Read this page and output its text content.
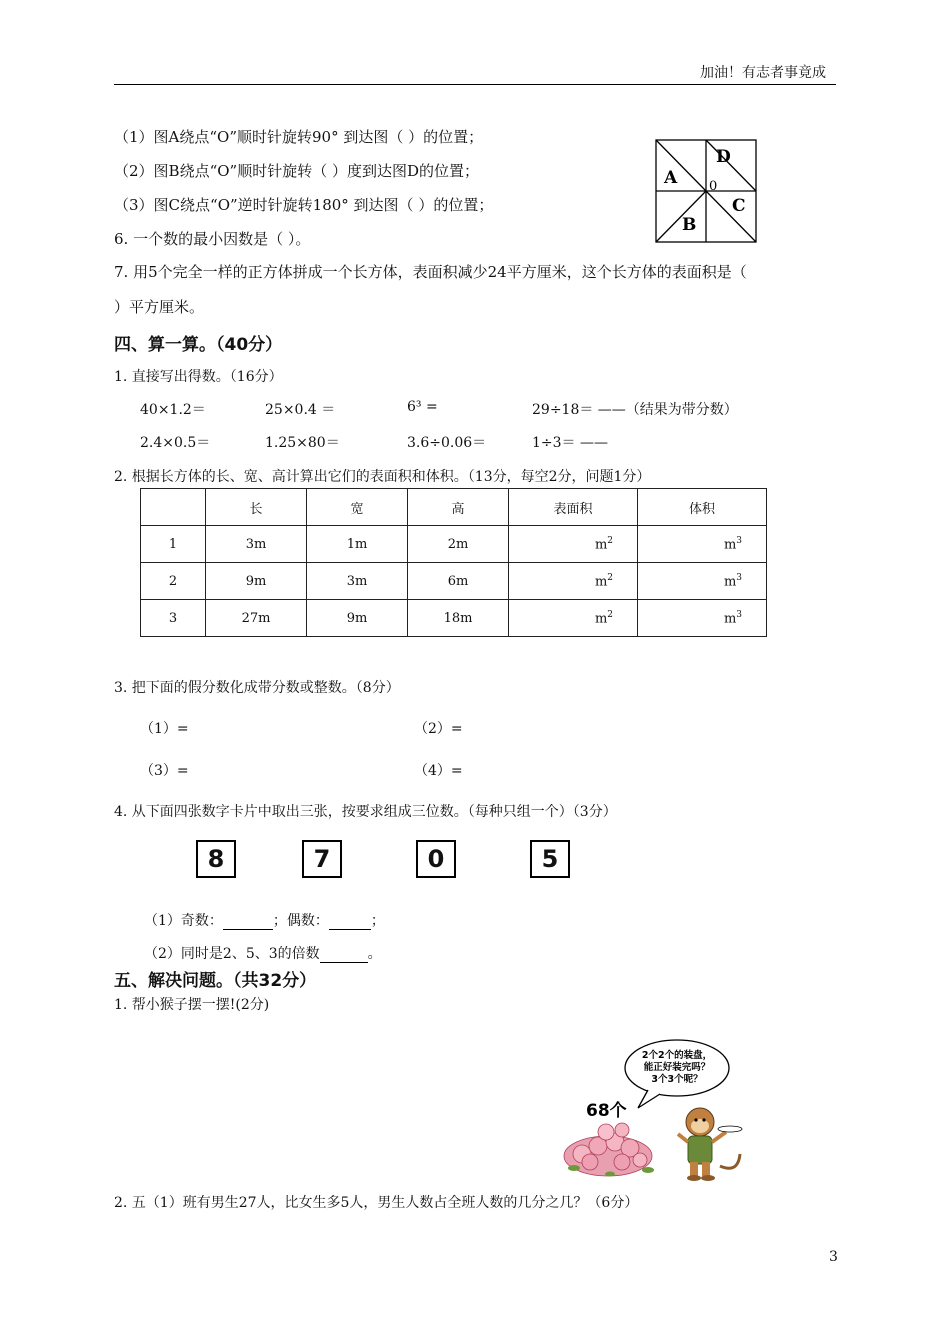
加油！有志者事竟成
（1）图A绕点“O”顺时针旋转90° 到达图（ ）的位置；
（2）图B绕点“O”顺时针旋转（ ）度到达图D的位置；
（3）图C绕点“O”逆时针旋转180° 到达图（ ）的位置；
A
D
C
B
0
6. 一个数的最小因数是（ ）。
7. 用5个完全一样的正方体拼成一个长方体，表面积减少24平方厘米，这个长方体的表面积是（
）平方厘米。
四、算一算。（40分）
1. 直接写出得数。（16分）
40×1.2＝	25×0.4 ＝	6³ =	29÷18＝ ——（结果为带分数）
2.4×0.5＝	1.25×80＝	3.6÷0.06＝	1÷3＝ ——
2. 根据长方体的长、宽、高计算出它们的表面积和体积。（13分，每空2分，问题1分）
	长	宽	高	表面积	体积
1	3m	1m	2m	$m^2$	$m^3$
2	9m	3m	6m	$m^2$	$m^3$
3	27m	9m	18m	$m^2$	$m^3$
3. 把下面的假分数化成带分数或整数。（8分）
（1）=	（2）=
（3）=	（4）=
4. 从下面四张数字卡片中取出三张，按要求组成三位数。（每种只组一个）（3分）
8	7	0	5
（1）奇数：	；偶数：	；
（2）同时是2、5、3的倍数	。
五、解决问题。（共32分）
1. 帮小猴子摆一摆!(2分)
2个2个的装盘，
能正好装完吗？
3个3个呢？
68个
2. 五（1）班有男生27人，比女生多5人，男生人数占全班人数的几分之几？（6分）
3
